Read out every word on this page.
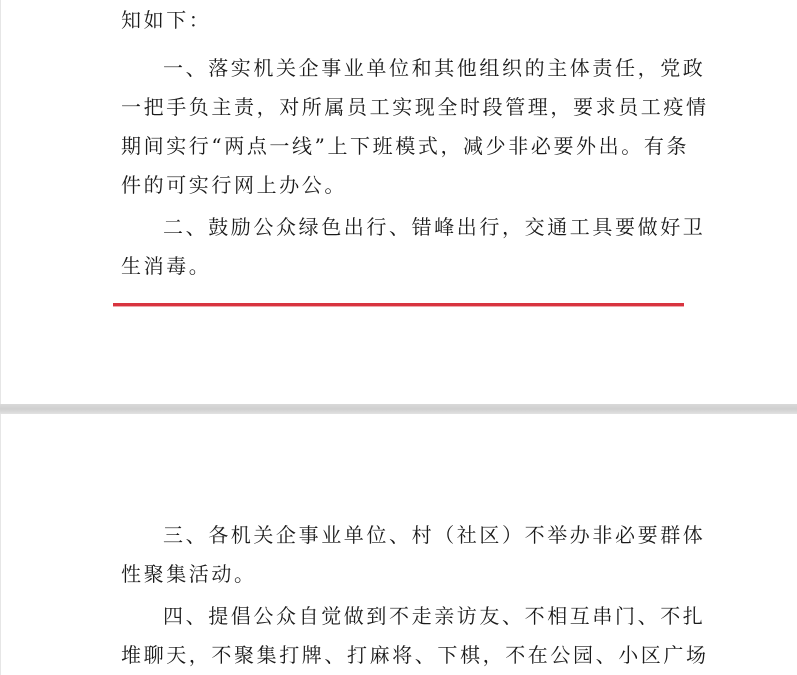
知如下：
一、落实机关企事业单位和其他组织的主体责任，党政
一把手负主责，对所属员工实现全时段管理，要求员工疫情
期间实行“两点一线”上下班模式，减少非必要外出。有条
件的可实行网上办公。
二、鼓励公众绿色出行、错峰出行，交通工具要做好卫
生消毒。
三、各机关企事业单位、村（社区）不举办非必要群体
性聚集活动。
四、提倡公众自觉做到不走亲访友、不相互串门、不扎
堆聊天，不聚集打牌、打麻将、下棋，不在公园、小区广场
